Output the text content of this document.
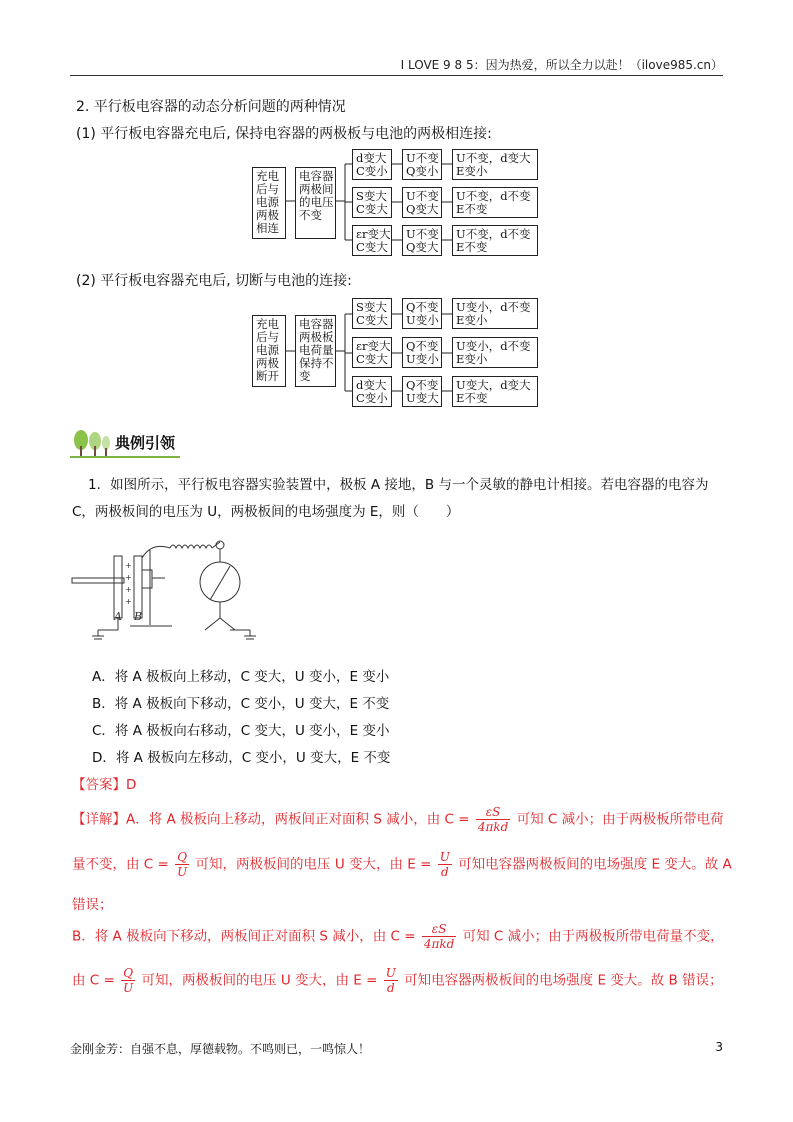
I LOVE 9 8 5：因为热爱，所以全力以赴！（ilove985.cn）
2. 平行板电容器的动态分析问题的两种情况
(1) 平行板电容器充电后, 保持电容器的两极板与电池的两极相连接:
充电
后与
电源
两极
相连
电容器
两极间
的电压
不变
d变大
C变小
U不变
Q变小
U不变，d变大
E变小
S变大
C变大
U不变
Q变大
U不变，d不变
E不变
εr变大
C变大
U不变
Q变大
U不变，d不变
E不变
(2) 平行板电容器充电后, 切断与电池的连接:
充电
后与
电源
两极
断开
电容器
两极板
电荷量
保持不
变
S变大
C变大
Q不变
U变小
U变小，d不变
E变小
εr变大
C变大
Q不变
U变小
U变小，d不变
E变小
d变大
C变小
Q不变
U变大
U变大，d变大
E不变
典例引领
1．如图所示，平行板电容器实验装置中，极板 A 接地，B 与一个灵敏的静电计相接。若电容器的电容为
C，两极板间的电压为 U，两极板间的电场强度为 E，则（　　）
+
+
+
+
A B
A．将 A 极板向上移动，C 变大，U 变小，E 变小
B．将 A 极板向下移动，C 变小，U 变大，E 不变
C．将 A 极板向右移动，C 变大，U 变小，E 变小
D．将 A 极板向左移动，C 变小，U 变大，E 不变
【答案】D
【详解】A．将 A 极板向上移动，两板间正对面积 S 减小，由 $C = \frac{\varepsilon S}{\text{4πkd}}$ 可知 C 减小；由于两极板所带电荷
量不变，由 $C = \frac{Q}{U}$ 可知，两极板间的电压 U 变大，由 $E = \frac{U}{d}$ 可知电容器两极板间的电场强度 E 变大。故 A
错误；
B．将 A 极板向下移动，两板间正对面积 S 减小，由 $C = \frac{\varepsilon S}{\text{4πkd}}$ 可知 C 减小；由于两极板所带电荷量不变，
由 $C = \frac{Q}{U}$ 可知，两极板间的电压 U 变大，由 $E = \frac{U}{d}$ 可知电容器两极板间的电场强度 E 变大。故 B 错误；
金刚金芳：自强不息，厚德载物。不鸣则已，一鸣惊人！	3
